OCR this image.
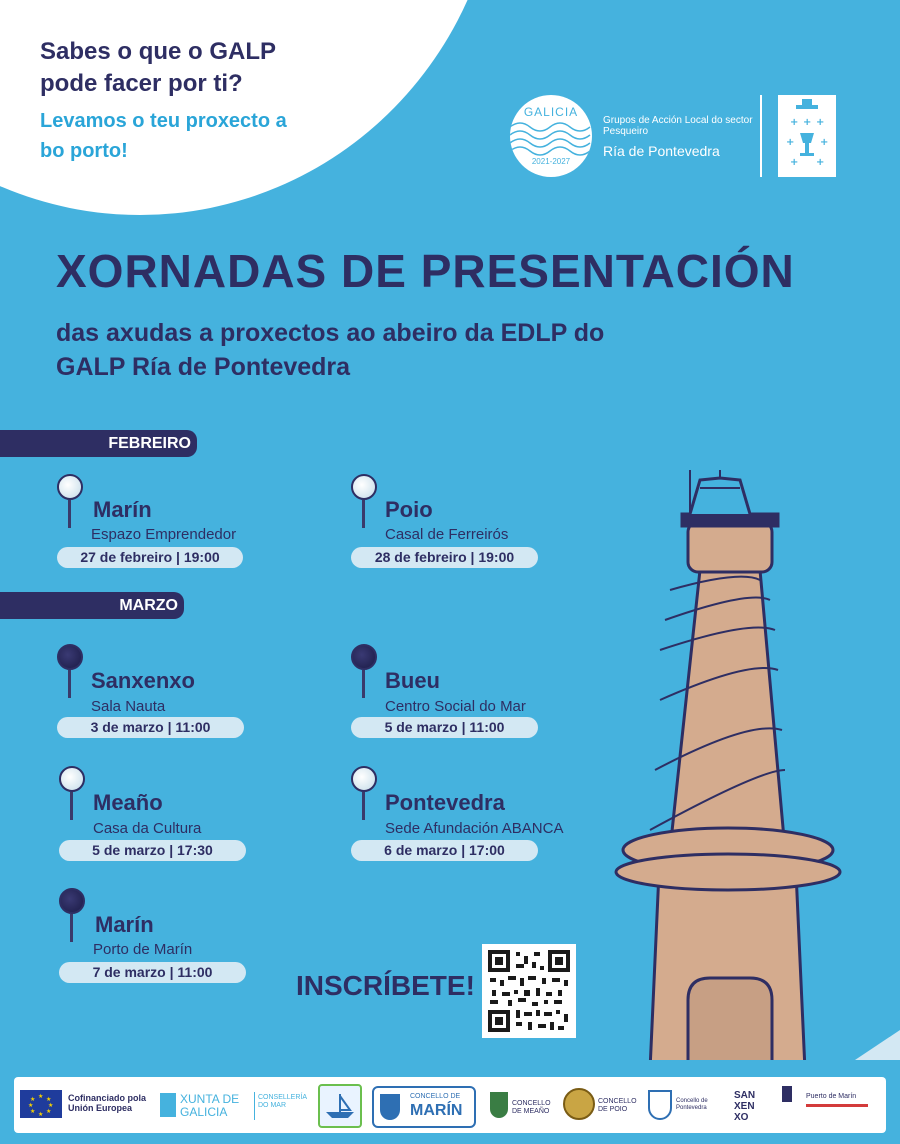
Sabes o que o GALP pode facer por ti?
Levamos o teu proxecto a bo porto!
GALICIA
2021-2027
Grupos de Acción Local do sector Pesqueiro
Ría de Pontevedra
+ + +
+	+
+ +
XORNADAS DE PRESENTACIÓN
das axudas a proxectos ao abeiro da EDLP do GALP Ría de Pontevedra
FEBREIRO
MARZO
Marín
Espazo Emprendedor
27 de febreiro | 19:00
Poio
Casal de Ferreirós
28 de febreiro | 19:00
Sanxenxo
Sala Nauta
3 de marzo | 11:00
Bueu
Centro Social do Mar
5 de marzo | 11:00
Meaño
Casa da Cultura
5 de marzo | 17:30
Pontevedra
Sede Afundación ABANCA
6 de marzo | 17:00
Marín
Porto de Marín
7 de marzo | 11:00	INSCRÍBETE!
★ ★
★
★
★
★
★
★	Cofinanciado pola Unión Europea
XUNTA DE GALICIA
CONSELLERÍA DO MAR
CONCELLO DE
MARÍN	CONCELLO DE MEAÑO
CONCELLO DE POIO
Concello de Pontevedra
SAN XEN XO
Puerto de Marín
